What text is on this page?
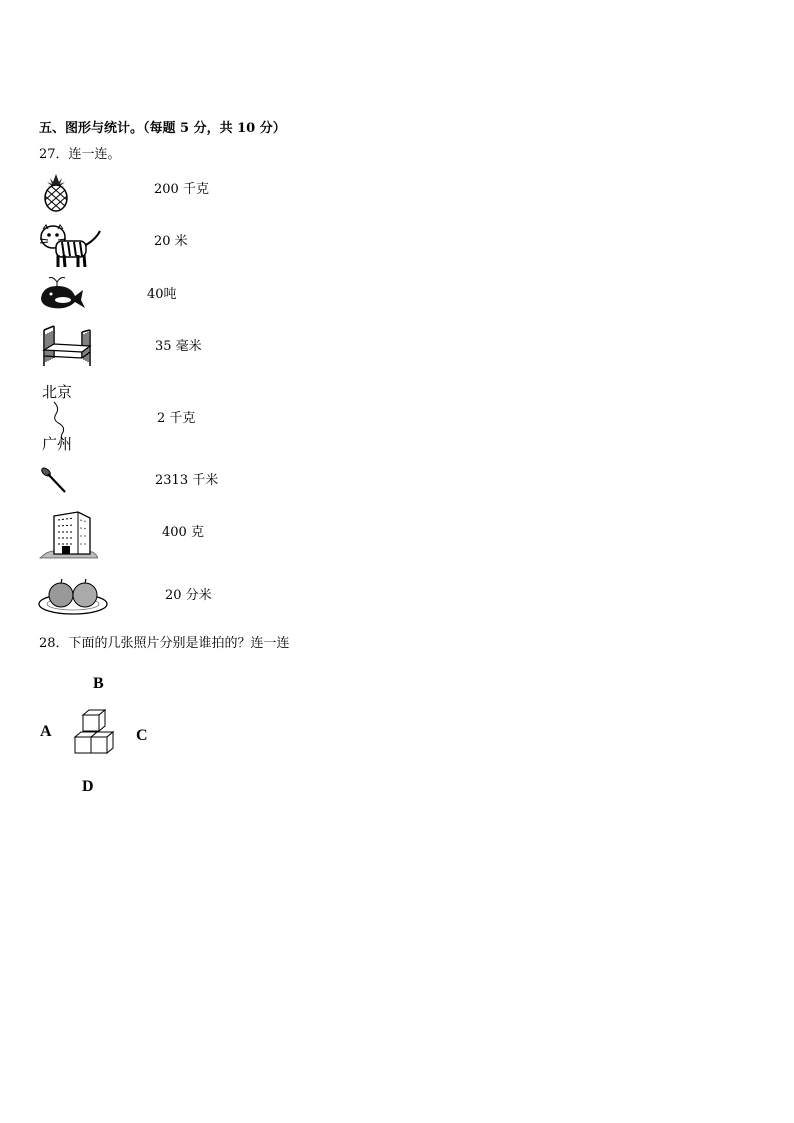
五、图形与统计。（每题 5 分，共 10 分）
27．连一连。
200 千克
20 米
40吨
35 毫米
北京
广州
2 千克
2313 千米
400 克
20 分米
28．下面的几张照片分别是谁拍的？连一连
B
A	C
D
